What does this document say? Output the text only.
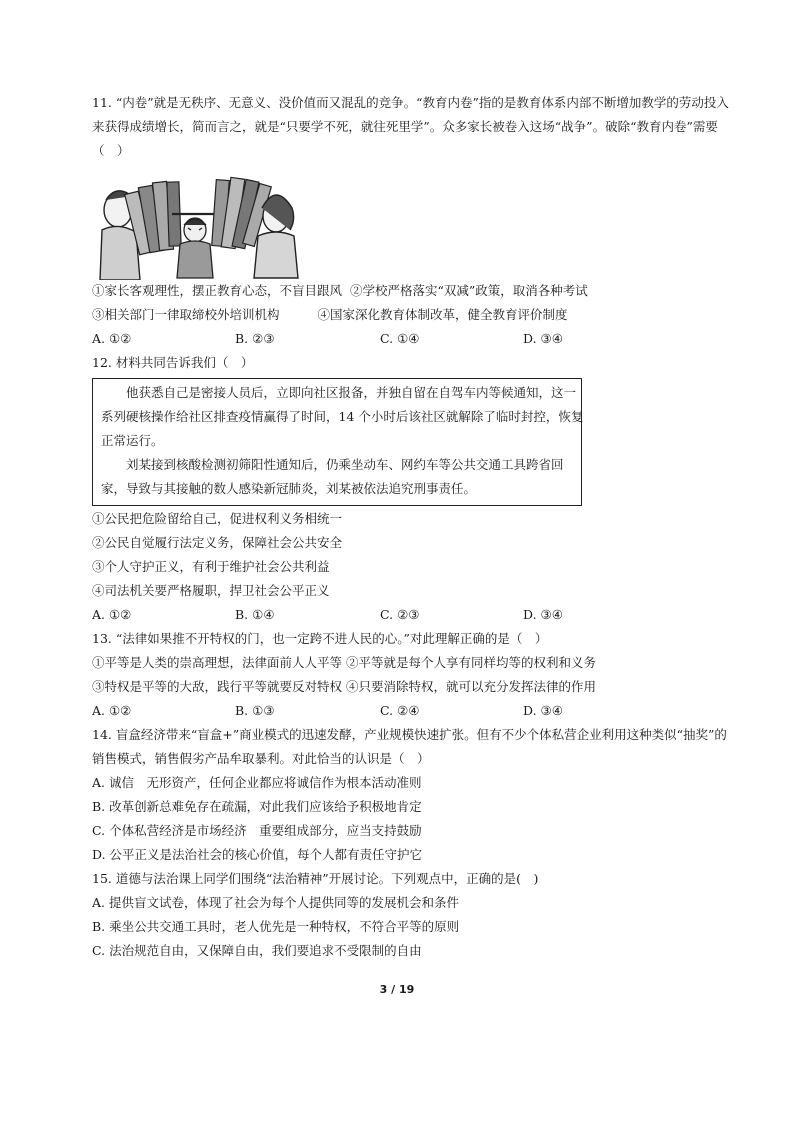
11. “内卷”就是无秩序、无意义、没价值而又混乱的竞争。“教育内卷”指的是教育体系内部不断增加教学的劳动投入
来获得成绩增长，简而言之，就是“只要学不死，就往死里学”。众多家长被卷入这场“战争”。破除“教育内卷”需要
（　）
①家长客观理性，摆正教育心态，不盲目跟风 ②学校严格落实“双减”政策，取消各种考试
③相关部门一律取缔校外培训机构	④国家深化教育体制改革，健全教育评价制度
A. ①②	B. ②③	C. ①④	D. ③④
12. 材料共同告诉我们（　）
　　他获悉自己是密接人员后，立即向社区报备，并独自留在自驾车内等候通知，这一
系列硬核操作给社区排查疫情赢得了时间，14 个小时后该社区就解除了临时封控，恢复
正常运行。
　　刘某接到核酸检测初筛阳性通知后，仍乘坐动车、网约车等公共交通工具跨省回
家，导致与其接触的数人感染新冠肺炎，刘某被依法追究刑事责任。
①公民把危险留给自己，促进权利义务相统一
②公民自觉履行法定义务，保障社会公共安全
③个人守护正义，有利于维护社会公共利益
④司法机关要严格履职，捍卫社会公平正义
A. ①②	B. ①④	C. ②③	D. ③④
13. “法律如果推不开特权的门，也一定跨不进人民的心。”对此理解正确的是（　）
①平等是人类的崇高理想，法律面前人人平等 ②平等就是每个人享有同样均等的权利和义务
③特权是平等的大敌，践行平等就要反对特权 ④只要消除特权，就可以充分发挥法律的作用
A. ①②	B. ①③	C. ②④	D. ③④
14. 盲盒经济带来“盲盒+”商业模式的迅速发酵，产业规模快速扩张。但有不少个体私营企业利用这种类似“抽奖”的
销售模式，销售假劣产品牟取暴利。对此恰当的认识是（　）
A. 诚信　无形资产，任何企业都应将诚信作为根本活动准则
B. 改革创新总难免存在疏漏，对此我们应该给予积极地肯定
C. 个体私营经济是市场经济　重要组成部分，应当支持鼓励
D. 公平正义是法治社会的核心价值，每个人都有责任守护它
15. 道德与法治课上同学们围绕“法治精神”开展讨论。下列观点中，正确的是(　)
A. 提供盲文试卷，体现了社会为每个人提供同等的发展机会和条件
B. 乘坐公共交通工具时，老人优先是一种特权，不符合平等的原则
C. 法治规范自由，又保障自由，我们要追求不受限制的自由
3 / 19
